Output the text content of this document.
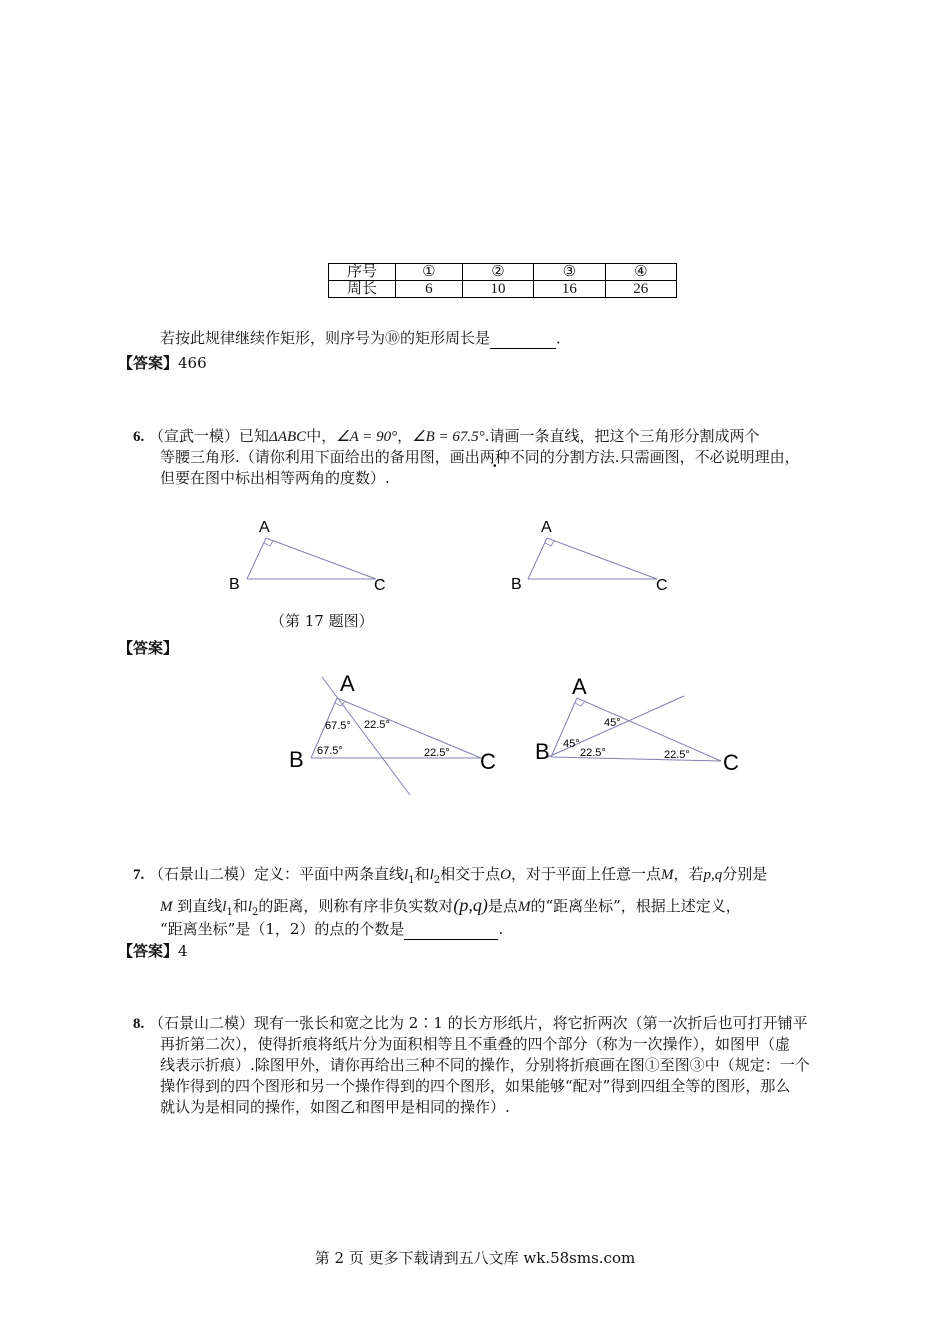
序号	①	②	③	④
周长	6	10	16	26
若按此规律继续作矩形，则序号为⑩的矩形周长是	．
【答案】466
6. （宣武一模）已知ΔABC中，∠A = 90°，∠B = 67.5°.请画一条直线，把这个三角形分割成两个
等腰三角形.（请你利用下面给出的备用图，画出两种不同的分割方法.只需画图，不必说明理由，
但要在图中标出相等两角的度数）.
A
B	C
A
B	C
（第 17 题图）
【答案】
A
B	C
67.5° 22.5°
67.5°	22.5°
A
B	C
45°
45°
22.5°	22.5°
7. （石景山二模）定义：平面中两条直线$l_1$和$l_2$相交于点O，对于平面上任意一点M，若p,q分别是
M 到直线$l_1$和$l_2$的距离，则称有序非负实数对(p,q)是点M的“距离坐标”，根据上述定义，
“距离坐标”是（1，2）的点的个数是	.
【答案】4
8. （石景山二模）现有一张长和宽之比为 2∶1 的长方形纸片，将它折两次（第一次折后也可打开铺平
再折第二次），使得折痕将纸片分为面积相等且不重叠的四个部分（称为一次操作），如图甲（虚
线表示折痕）.除图甲外，请你再给出三种不同的操作，分别将折痕画在图①至图③中（规定：一个
操作得到的四个图形和另一个操作得到的四个图形，如果能够“配对”得到四组全等的图形，那么
就认为是相同的操作，如图乙和图甲是相同的操作）.
第 2 页 更多下载请到五八文库 wk.58sms.com
